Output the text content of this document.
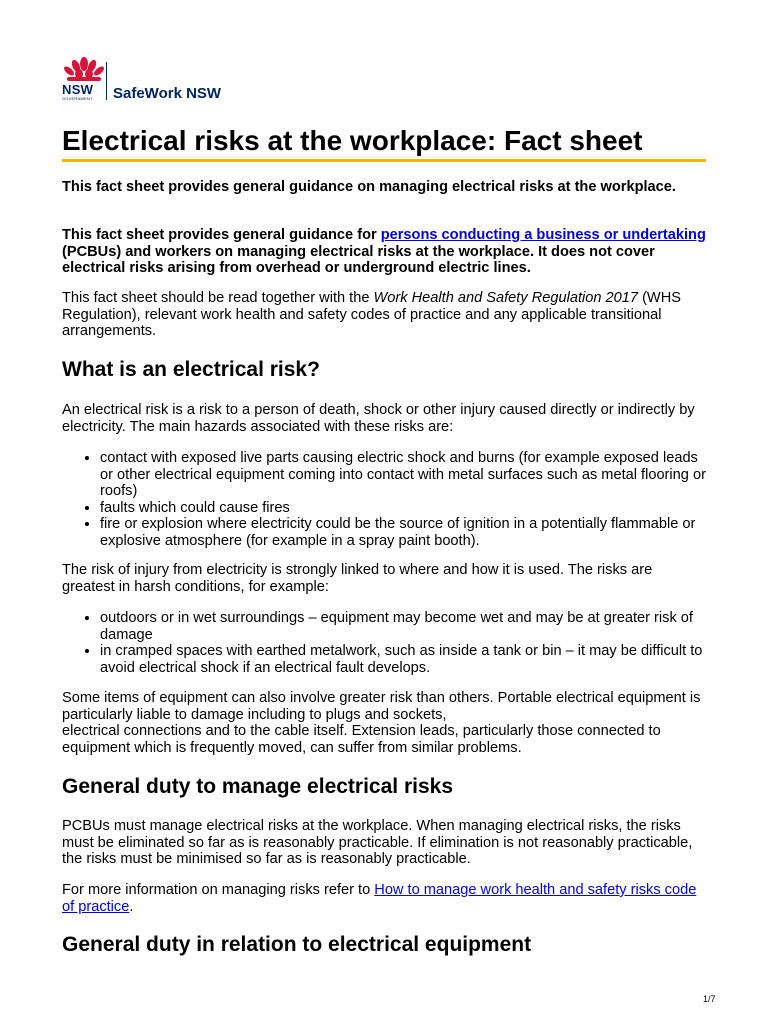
NSW
GOVERNMENT SafeWork NSW
Electrical risks at the workplace: Fact sheet
This fact sheet provides general guidance on managing electrical risks at the workplace.
This fact sheet provides general guidance for persons conducting a business or undertaking (PCBUs) and workers on managing electrical risks at the workplace. It does not cover electrical risks arising from overhead or underground electric lines.
This fact sheet should be read together with the Work Health and Safety Regulation 2017 (WHS Regulation), relevant work health and safety codes of practice and any applicable transitional arrangements.
What is an electrical risk?
An electrical risk is a risk to a person of death, shock or other injury caused directly or indirectly by electricity. The main hazards associated with these risks are:
• contact with exposed live parts causing electric shock and burns (for example exposed leads or other electrical equipment coming into contact with metal surfaces such as metal flooring or roofs)
• faults which could cause fires
• fire or explosion where electricity could be the source of ignition in a potentially flammable or explosive atmosphere (for example in a spray paint booth).
The risk of injury from electricity is strongly linked to where and how it is used. The risks are greatest in harsh conditions, for example:
• outdoors or in wet surroundings – equipment may become wet and may be at greater risk of damage
• in cramped spaces with earthed metalwork, such as inside a tank or bin – it may be difficult to avoid electrical shock if an electrical fault develops.
Some items of equipment can also involve greater risk than others. Portable electrical equipment is particularly liable to damage including to plugs and sockets,
electrical connections and to the cable itself. Extension leads, particularly those connected to equipment which is frequently moved, can suffer from similar problems.
General duty to manage electrical risks
PCBUs must manage electrical risks at the workplace. When managing electrical risks, the risks must be eliminated so far as is reasonably practicable. If elimination is not reasonably practicable, the risks must be minimised so far as is reasonably practicable.
For more information on managing risks refer to How to manage work health and safety risks code of practice.
General duty in relation to electrical equipment
1/7
